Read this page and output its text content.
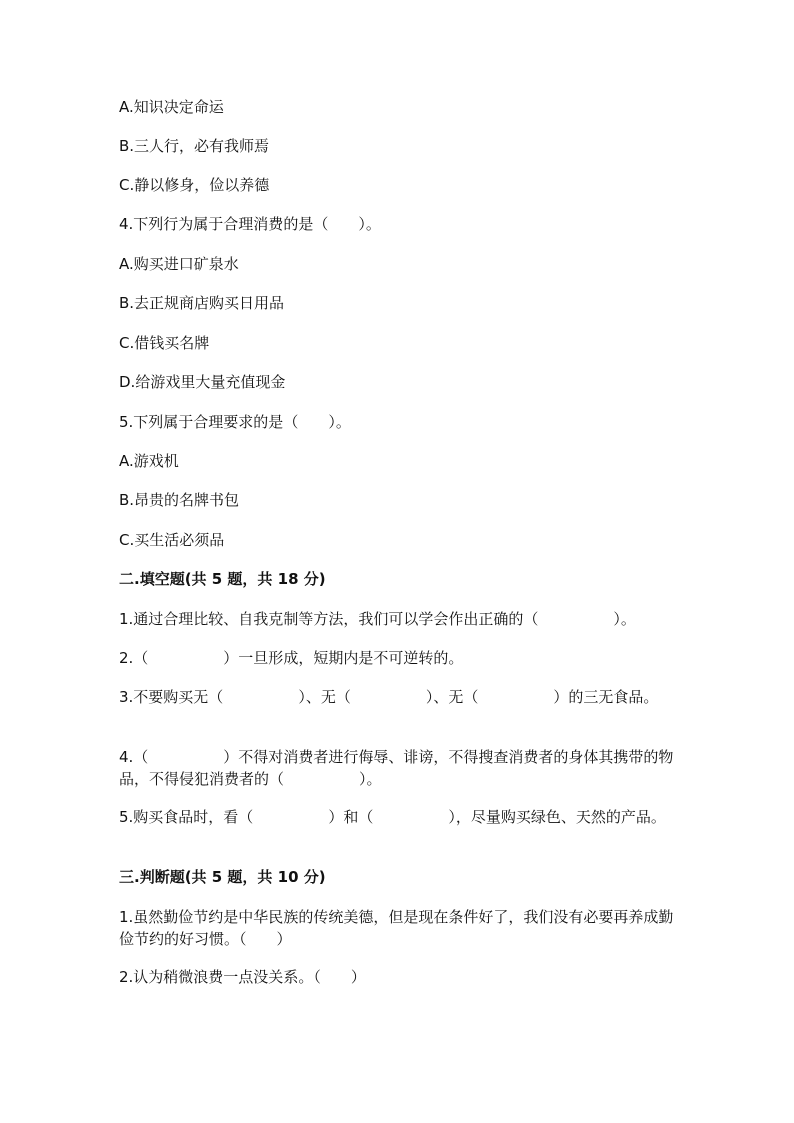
A.知识决定命运
B.三人行，必有我师焉
C.静以修身，俭以养德
4.下列行为属于合理消费的是（　　）。
A.购买进口矿泉水
B.去正规商店购买日用品
C.借钱买名牌
D.给游戏里大量充值现金
5.下列属于合理要求的是（　　）。
A.游戏机
B.昂贵的名牌书包
C.买生活必须品
二.填空题(共 5 题，共 18 分)
1.通过合理比较、自我克制等方法，我们可以学会作出正确的（　　　　　）。
2.（　　　　　）一旦形成，短期内是不可逆转的。
3.不要购买无（　　　　　）、无（　　　　　）、无（　　　　　）的三无食品。
4.（　　　　　）不得对消费者进行侮辱、诽谤，不得搜查消费者的身体其携带的物品，不得侵犯消费者的（　　　　　）。
5.购买食品时，看（　　　　　）和（　　　　　），尽量购买绿色、天然的产品。
三.判断题(共 5 题，共 10 分)
1.虽然勤俭节约是中华民族的传统美德，但是现在条件好了，我们没有必要再养成勤俭节约的好习惯。（　　）
2.认为稍微浪费一点没关系。（　　）
